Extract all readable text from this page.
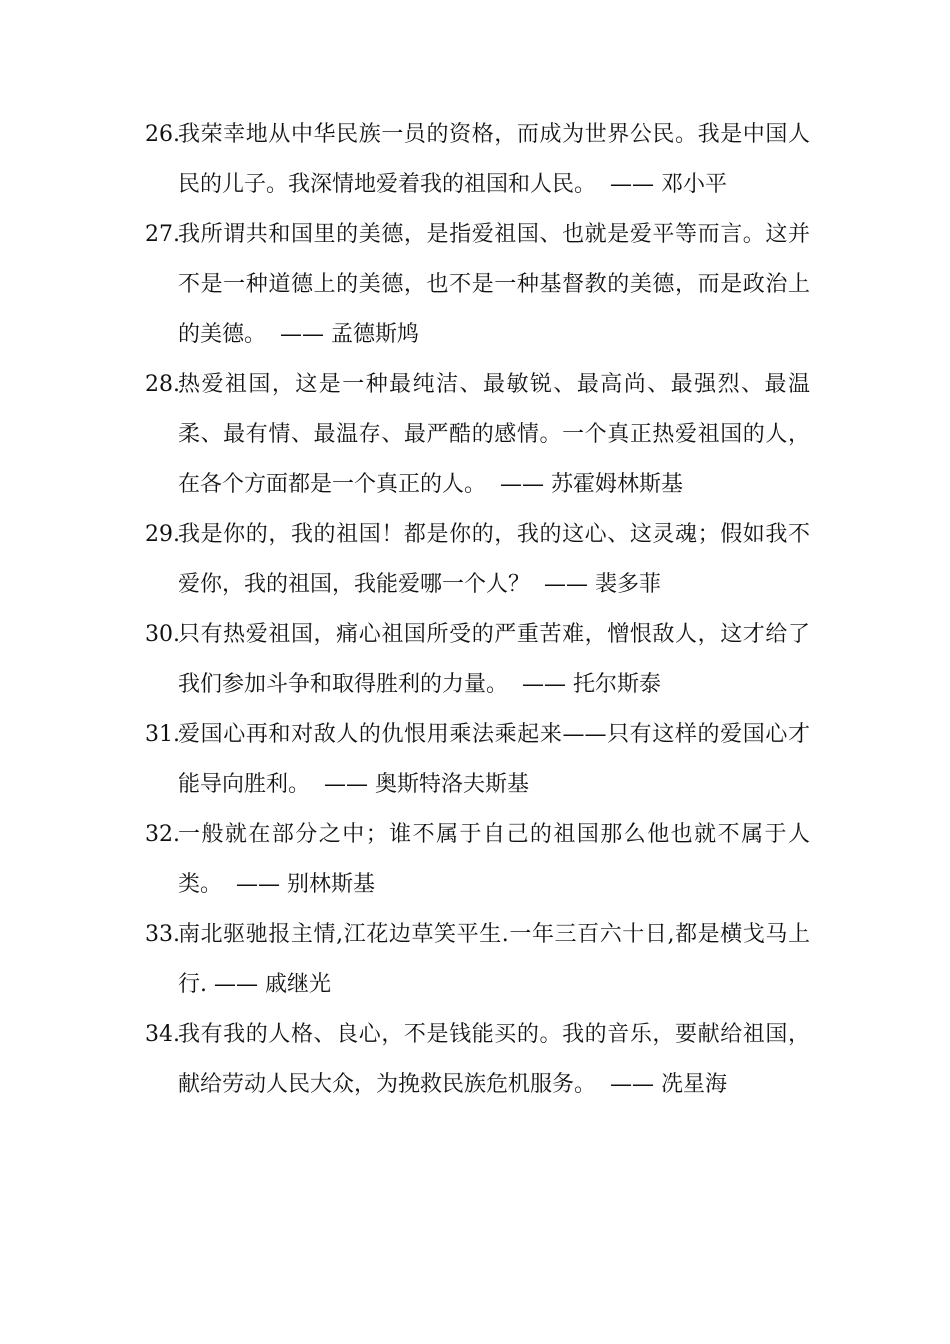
26.
我荣幸地从中华民族一员的资格，而成为世界公民。我是中国人民的儿子。我深情地爱着我的祖国和人民。 —— 邓小平

27.
我所谓共和国里的美德，是指爱祖国、也就是爱平等而言。这并不是一种道德上的美德，也不是一种基督教的美德，而是政治上的美德。 —— 孟德斯鸠

28.
热爱祖国，这是一种最纯洁、最敏锐、最高尚、最强烈、最温柔、最有情、最温存、最严酷的感情。一个真正热爱祖国的人，在各个方面都是一个真正的人。 —— 苏霍姆林斯基

29.
我是你的，我的祖国！都是你的，我的这心、这灵魂；假如我不爱你，我的祖国，我能爱哪一个人？ —— 裴多菲

30.
只有热爱祖国，痛心祖国所受的严重苦难，憎恨敌人，这才给了我们参加斗争和取得胜利的力量。 —— 托尔斯泰

31.
爱国心再和对敌人的仇恨用乘法乘起来——只有这样的爱国心才能导向胜利。 —— 奥斯特洛夫斯基

32.
一般就在部分之中；谁不属于自己的祖国那么他也就不属于人类。 —— 别林斯基

33.
南北驱驰报主情,江花边草笑平生.一年三百六十日,都是横戈马上行. —— 戚继光

34.
我有我的人格、良心，不是钱能买的。我的音乐，要献给祖国，献给劳动人民大众，为挽救民族危机服务。 —— 冼星海
